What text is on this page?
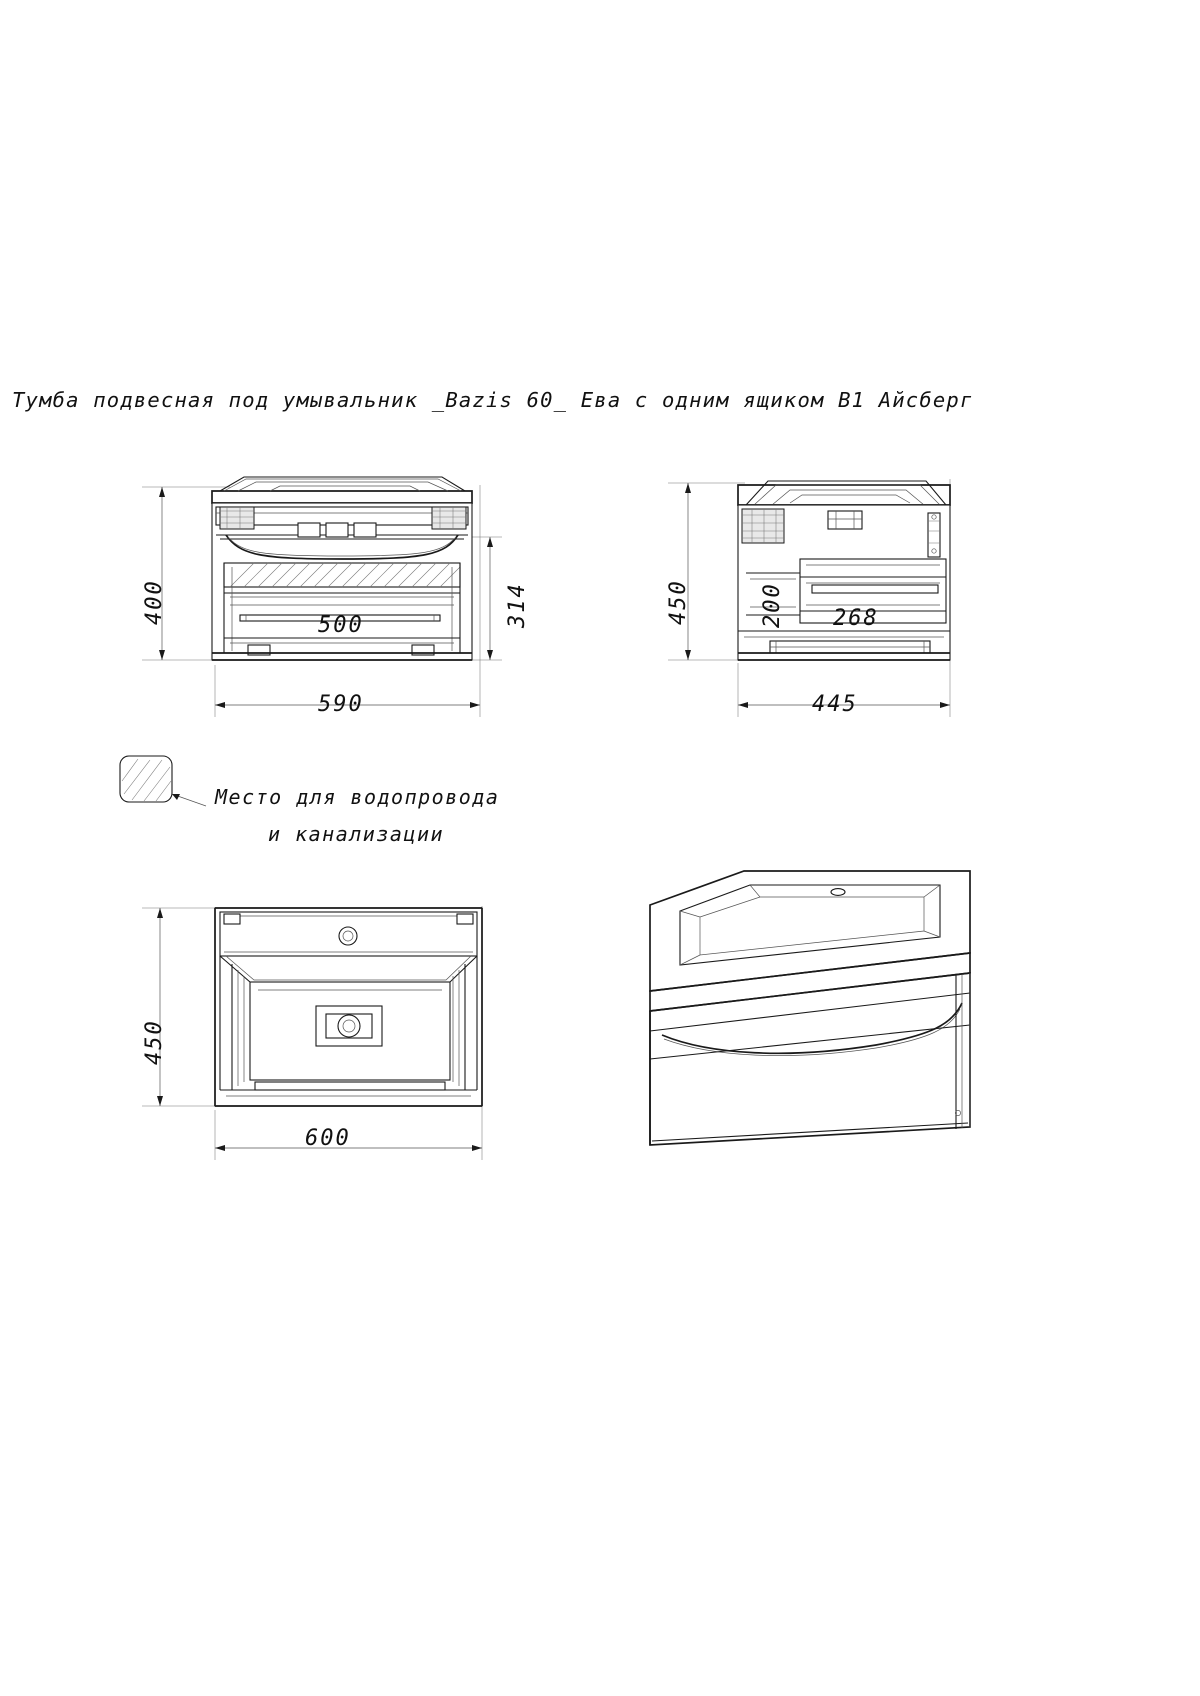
Тумба подвесная под умывальник _Bazis 60_ Ева с одним ящиком В1 Айсберг
400	314
500
590
450	200 268
445
Место для водопровода
и канализации
450
600
